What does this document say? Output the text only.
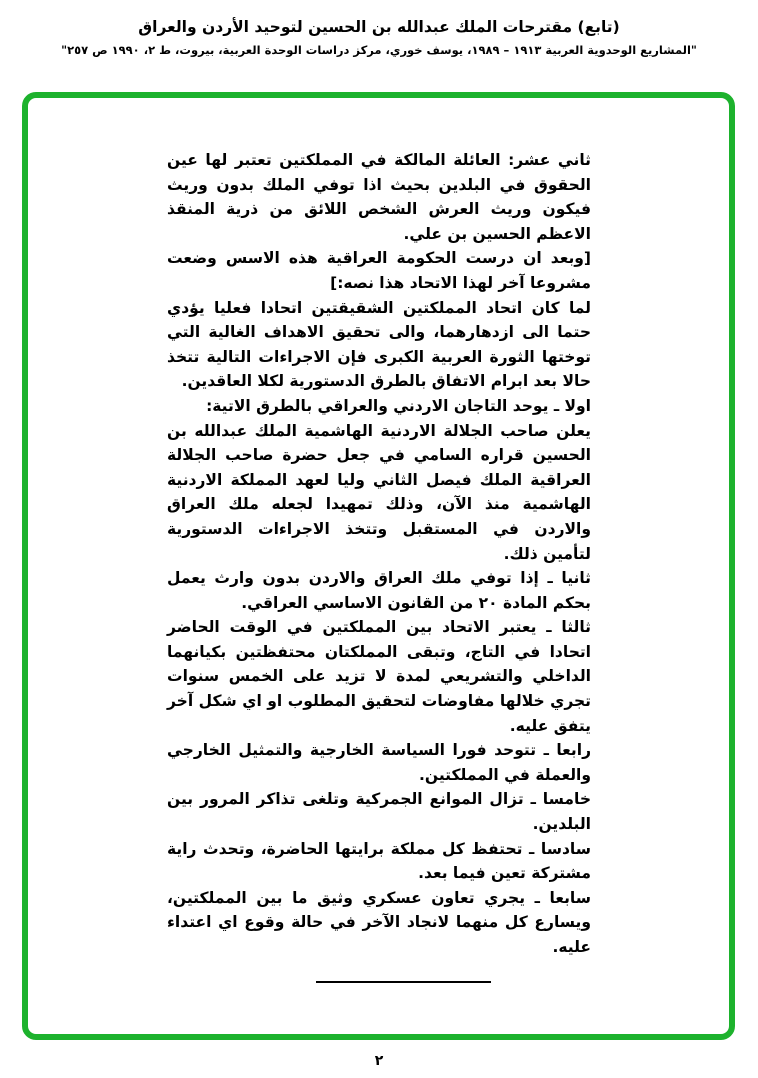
(تابع) مقترحات الملك عبدالله بن الحسين لتوحيد الأردن والعراق
"المشاريع الوحدوية العربية ١٩١٣ – ١٩٨٩، يوسف خوري، مركز دراسات الوحدة العربية، بيروت، ط ٢، ١٩٩٠ ص ٢٥٧"

ثاني عشر: العائلة المالكة في المملكتين تعتبر لها عين الحقوق في البلدين بحيث اذا توفي الملك بدون وريث فيكون وريث العرش الشخص اللائق من ذرية المنقذ الاعظم الحسين بن علي.

[وبعد ان درست الحكومة العراقية هذه الاسس وضعت مشروعا آخر لهذا الاتحاد هذا نصه:]

لما كان اتحاد المملكتين الشقيقتين اتحادا فعليا يؤدي حتما الى ازدهارهما، والى تحقيق الاهداف الغالية التي توختها الثورة العربية الكبرى فإن الاجراءات التالية تتخذ حالا بعد ابرام الاتفاق بالطرق الدستورية لكلا العاقدين.

اولا ـ يوحد التاجان الاردني والعراقي بالطرق الاتية:

يعلن صاحب الجلالة الاردنية الهاشمية الملك عبدالله بن الحسين قراره السامي في جعل حضرة صاحب الجلالة العراقية الملك فيصل الثاني وليا لعهد المملكة الاردنية الهاشمية منذ الآن، وذلك تمهيدا لجعله ملك العراق والاردن في المستقبل وتتخذ الاجراءات الدستورية لتأمين ذلك.

ثانيا ـ إذا توفي ملك العراق والاردن بدون وارث يعمل بحكم المادة ٢٠ من القانون الاساسي العراقي.

ثالثا ـ يعتبر الاتحاد بين المملكتين في الوقت الحاضر اتحادا في التاج، وتبقى المملكتان محتفظتين بكيانهما الداخلي والتشريعي لمدة لا تزيد على الخمس سنوات تجري خلالها مفاوضات لتحقيق المطلوب او اي شكل آخر يتفق عليه.

رابعا ـ تتوحد فورا السياسة الخارجية والتمثيل الخارجي والعملة في المملكتين.

خامسا ـ تزال الموانع الجمركية وتلغى تذاكر المرور بين البلدين.

سادسا ـ تحتفظ كل مملكة برايتها الحاضرة، وتحدث راية مشتركة تعين فيما بعد.

سابعا ـ يجري تعاون عسكري وثيق ما بين المملكتين، ويسارع كل منهما لانجاد الآخر في حالة وقوع اي اعتداء عليه.

٢
